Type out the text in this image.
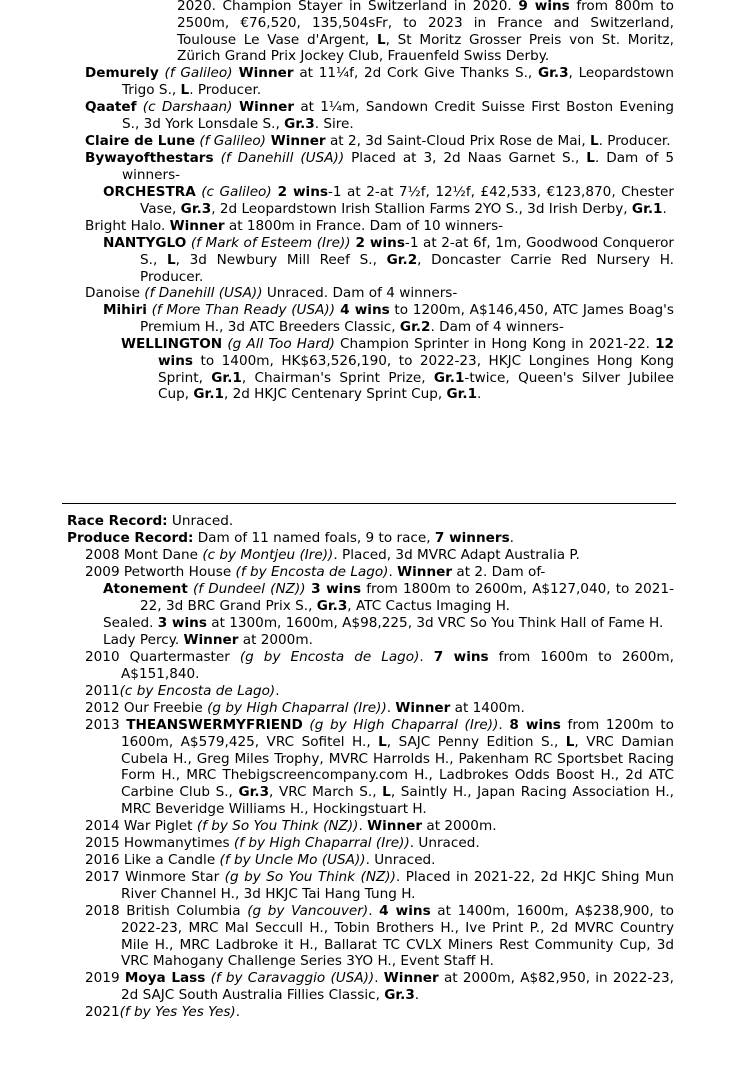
2020. Champion Stayer in Switzerland in 2020. 9 wins from 800m to 2500m, €76,520, 135,504sFr, to 2023 in France and Switzerland, Toulouse Le Vase d'Argent, L, St Moritz Grosser Preis von St. Moritz, Zürich Grand Prix Jockey Club, Frauenfeld Swiss Derby.
Demurely (f Galileo) Winner at 11¼f, 2d Cork Give Thanks S., Gr.3, Leopardstown Trigo S., L. Producer.
Qaatef (c Darshaan) Winner at 1¼m, Sandown Credit Suisse First Boston Evening S., 3d York Lonsdale S., Gr.3. Sire.
Claire de Lune (f Galileo) Winner at 2, 3d Saint-Cloud Prix Rose de Mai, L. Producer.
Bywayofthestars (f Danehill (USA)) Placed at 3, 2d Naas Garnet S., L. Dam of 5 winners-
ORCHESTRA (c Galileo) 2 wins-1 at 2-at 7½f, 12½f, £42,533, €123,870, Chester Vase, Gr.3, 2d Leopardstown Irish Stallion Farms 2YO S., 3d Irish Derby, Gr.1.
Bright Halo. Winner at 1800m in France. Dam of 10 winners-
NANTYGLO (f Mark of Esteem (Ire)) 2 wins-1 at 2-at 6f, 1m, Goodwood Conqueror S., L, 3d Newbury Mill Reef S., Gr.2, Doncaster Carrie Red Nursery H. Producer.
Danoise (f Danehill (USA)) Unraced. Dam of 4 winners-
Mihiri (f More Than Ready (USA)) 4 wins to 1200m, A$146,450, ATC James Boag's Premium H., 3d ATC Breeders Classic, Gr.2. Dam of 4 winners-
WELLINGTON (g All Too Hard) Champion Sprinter in Hong Kong in 2021-22. 12 wins to 1400m, HK$63,526,190, to 2022-23, HKJC Longines Hong Kong Sprint, Gr.1, Chairman's Sprint Prize, Gr.1-twice, Queen's Silver Jubilee Cup, Gr.1, 2d HKJC Centenary Sprint Cup, Gr.1.
Race Record: Unraced.
Produce Record: Dam of 11 named foals, 9 to race, 7 winners.
2008 Mont Dane (c by Montjeu (Ire)). Placed, 3d MVRC Adapt Australia P.
2009 Petworth House (f by Encosta de Lago). Winner at 2. Dam of-
Atonement (f Dundeel (NZ)) 3 wins from 1800m to 2600m, A$127,040, to 2021-22, 3d BRC Grand Prix S., Gr.3, ATC Cactus Imaging H.
Sealed. 3 wins at 1300m, 1600m, A$98,225, 3d VRC So You Think Hall of Fame H.
Lady Percy. Winner at 2000m.
2010 Quartermaster (g by Encosta de Lago). 7 wins from 1600m to 2600m, A$151,840.
2011(c by Encosta de Lago).
2012 Our Freebie (g by High Chaparral (Ire)). Winner at 1400m.
2013 THEANSWERMYFRIEND (g by High Chaparral (Ire)). 8 wins from 1200m to 1600m, A$579,425, VRC Sofitel H., L, SAJC Penny Edition S., L, VRC Damian Cubela H., Greg Miles Trophy, MVRC Harrolds H., Pakenham RC Sportsbet Racing Form H., MRC Thebigscreencompany.com H., Ladbrokes Odds Boost H., 2d ATC Carbine Club S., Gr.3, VRC March S., L, Saintly H., Japan Racing Association H., MRC Beveridge Williams H., Hockingstuart H.
2014 War Piglet (f by So You Think (NZ)). Winner at 2000m.
2015 Howmanytimes (f by High Chaparral (Ire)). Unraced.
2016 Like a Candle (f by Uncle Mo (USA)). Unraced.
2017 Winmore Star (g by So You Think (NZ)). Placed in 2021-22, 2d HKJC Shing Mun River Channel H., 3d HKJC Tai Hang Tung H.
2018 British Columbia (g by Vancouver). 4 wins at 1400m, 1600m, A$238,900, to 2022-23, MRC Mal Seccull H., Tobin Brothers H., Ive Print P., 2d MVRC Country Mile H., MRC Ladbroke it H., Ballarat TC CVLX Miners Rest Community Cup, 3d VRC Mahogany Challenge Series 3YO H., Event Staff H.
2019 Moya Lass (f by Caravaggio (USA)). Winner at 2000m, A$82,950, in 2022-23, 2d SAJC South Australia Fillies Classic, Gr.3.
2021(f by Yes Yes Yes).
